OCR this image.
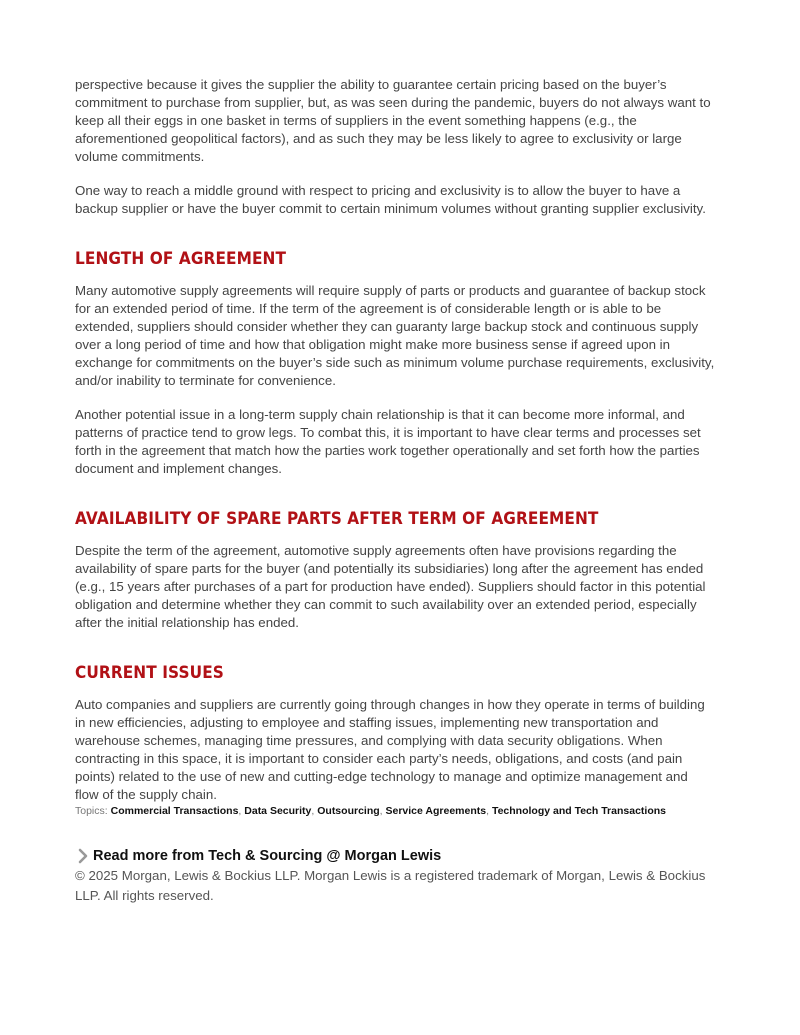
perspective because it gives the supplier the ability to guarantee certain pricing based on the buyer’s commitment to purchase from supplier, but, as was seen during the pandemic, buyers do not always want to keep all their eggs in one basket in terms of suppliers in the event something happens (e.g., the aforementioned geopolitical factors), and as such they may be less likely to agree to exclusivity or large volume commitments.

One way to reach a middle ground with respect to pricing and exclusivity is to allow the buyer to have a backup supplier or have the buyer commit to certain minimum volumes without granting supplier exclusivity.

LENGTH OF AGREEMENT

Many automotive supply agreements will require supply of parts or products and guarantee of backup stock for an extended period of time. If the term of the agreement is of considerable length or is able to be extended, suppliers should consider whether they can guaranty large backup stock and continuous supply over a long period of time and how that obligation might make more business sense if agreed upon in exchange for commitments on the buyer’s side such as minimum volume purchase requirements, exclusivity, and/or inability to terminate for convenience.

Another potential issue in a long-term supply chain relationship is that it can become more informal, and patterns of practice tend to grow legs. To combat this, it is important to have clear terms and processes set forth in the agreement that match how the parties work together operationally and set forth how the parties document and implement changes.

AVAILABILITY OF SPARE PARTS AFTER TERM OF AGREEMENT

Despite the term of the agreement, automotive supply agreements often have provisions regarding the availability of spare parts for the buyer (and potentially its subsidiaries) long after the agreement has ended (e.g., 15 years after purchases of a part for production have ended). Suppliers should factor in this potential obligation and determine whether they can commit to such availability over an extended period, especially after the initial relationship has ended.

CURRENT ISSUES

Auto companies and suppliers are currently going through changes in how they operate in terms of building in new efficiencies, adjusting to employee and staffing issues, implementing new transportation and warehouse schemes, managing time pressures, and complying with data security obligations. When contracting in this space, it is important to consider each party’s needs, obligations, and costs (and pain points) related to the use of new and cutting-edge technology to manage and optimize management and flow of the supply chain.

Topics: Commercial Transactions, Data Security, Outsourcing, Service Agreements, Technology and Tech Transactions

Read more from Tech & Sourcing @ Morgan Lewis

© 2025 Morgan, Lewis & Bockius LLP. Morgan Lewis is a registered trademark of Morgan, Lewis & Bockius LLP. All rights reserved.
